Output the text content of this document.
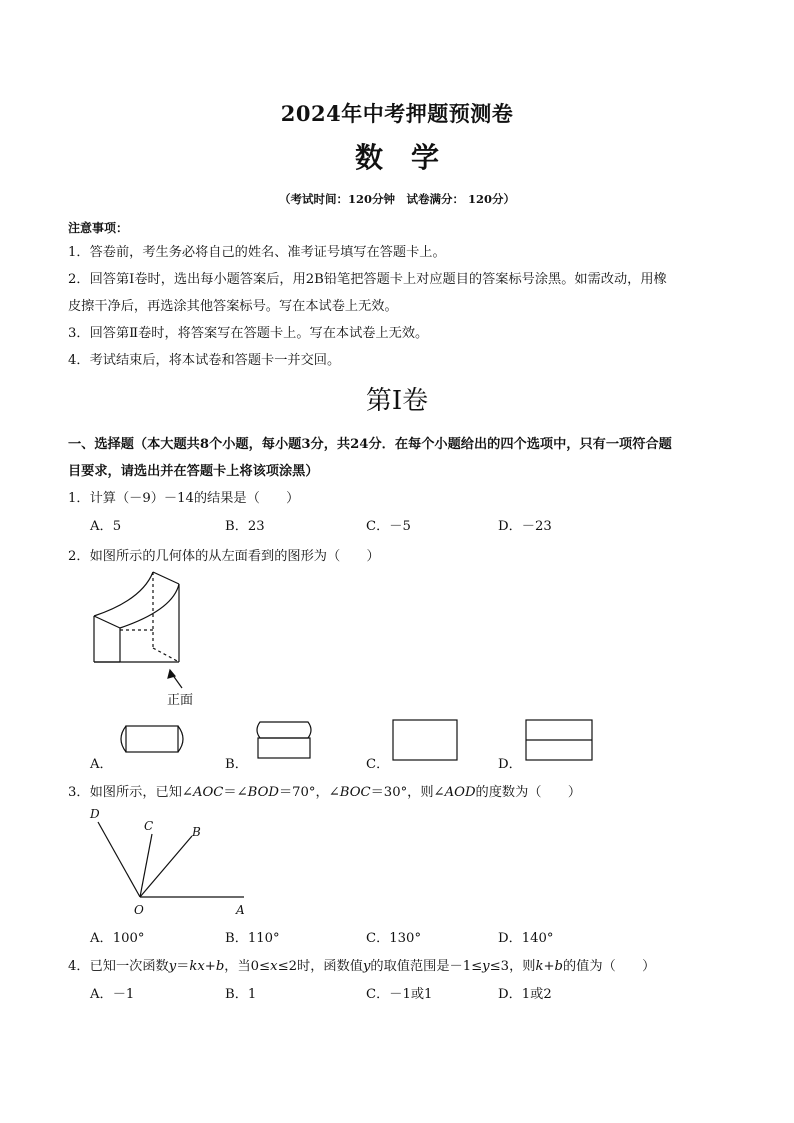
2024年中考押题预测卷
数　学
（考试时间：120分钟　试卷满分： 120分）
注意事项：
1．答卷前，考生务必将自己的姓名、准考证号填写在答题卡上。
2．回答第Ⅰ卷时，选出每小题答案后，用2B铅笔把答题卡上对应题目的答案标号涂黑。如需改动，用橡
皮擦干净后，再选涂其他答案标号。写在本试卷上无效。
3．回答第Ⅱ卷时，将答案写在答题卡上。写在本试卷上无效。
4．考试结束后，将本试卷和答题卡一并交回。
第Ⅰ卷
一、选择题（本大题共8个小题，每小题3分，共24分．在每个小题给出的四个选项中，只有一项符合题
目要求，请选出并在答题卡上将该项涂黑）
1．计算（－9）－14的结果是（　　）
A．5	B．23	C．－5	D．－23
2．如图所示的几何体的从左面看到的图形为（　　）
正面
A．	B．	C．	D．
3．如图所示，已知∠AOC＝∠BOD＝70°，∠BOC＝30°，则∠AOD的度数为（　　）
D
C	B
O	A
A．100°	B．110°	C．130°	D．140°
4．已知一次函数y＝kx+b，当0≤x≤2时，函数值y的取值范围是－1≤y≤3，则k+b的值为（　　）
A．－1	B．1	C．－1或1	D．1或2
